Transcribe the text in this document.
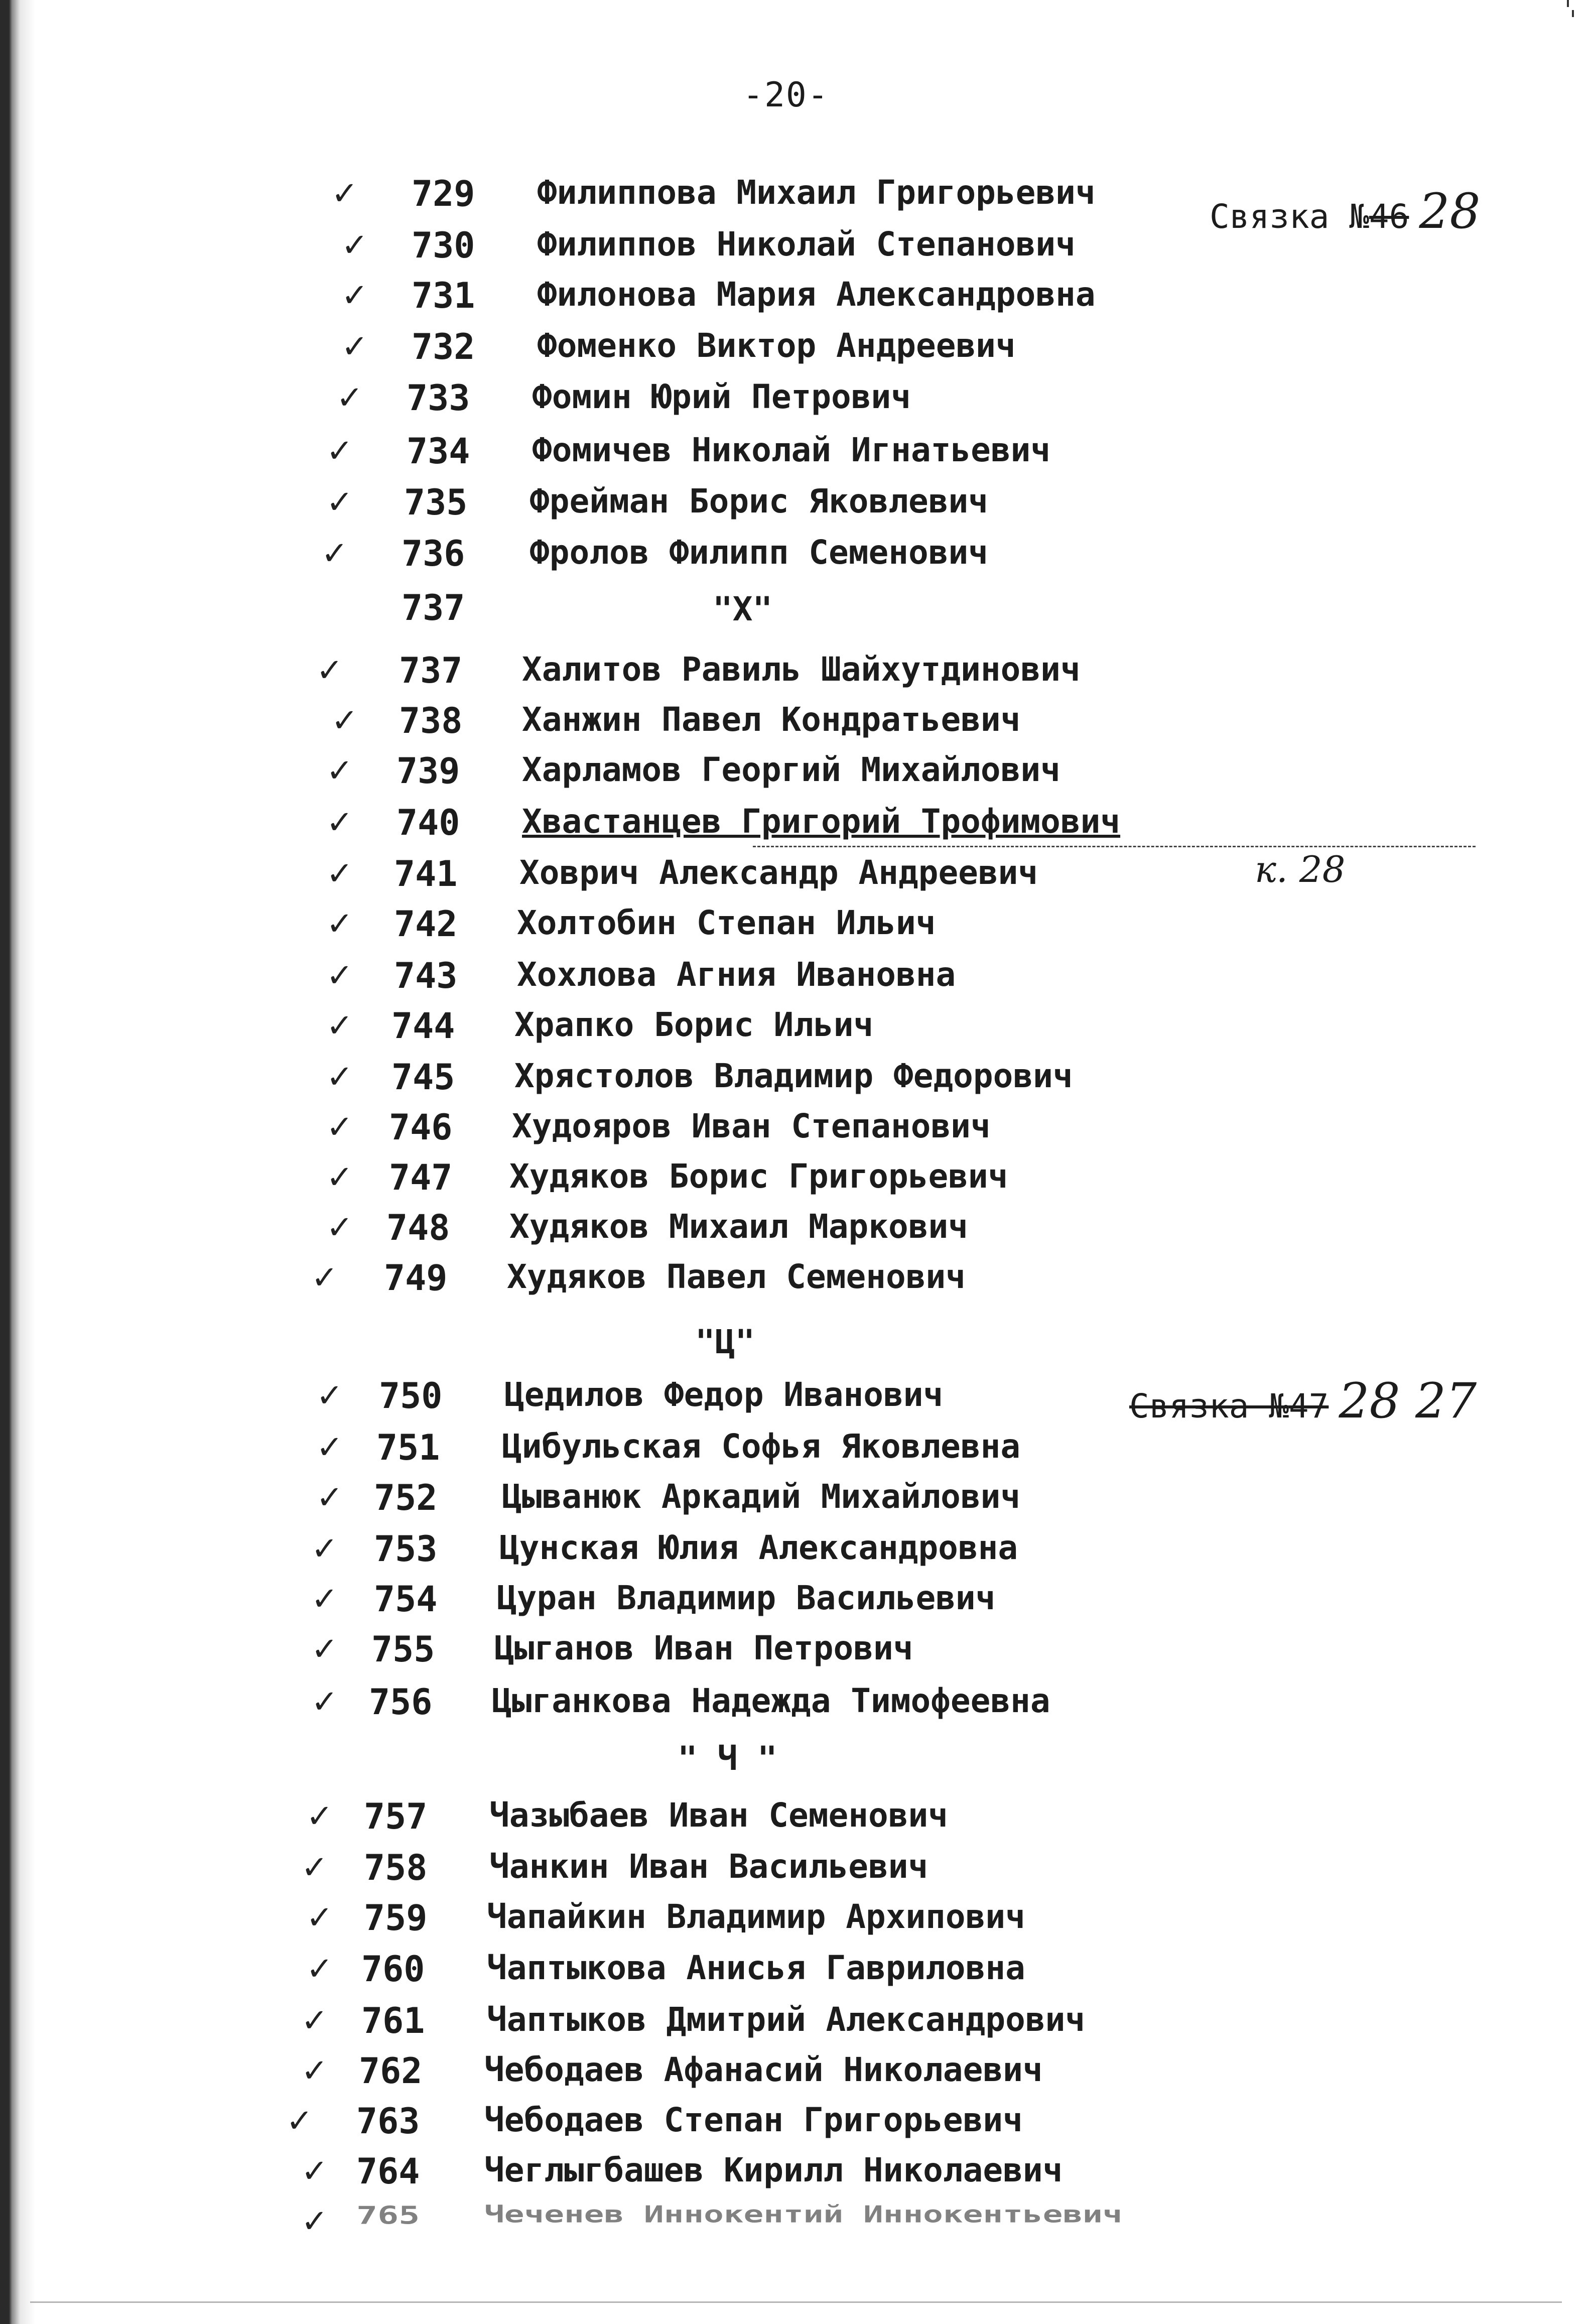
-20-
Связка №46 28
к. 28
Связка №47 28 27
737	"Х"
"Ц"
" Ч "
✓ 729 Филиппова Михаил Григорьевич
✓ 730 Филиппов Николай Степанович
✓ 731 Филонова Мария Александровна
✓ 732 Фоменко Виктор Андреевич
✓ 733 Фомин Юрий Петрович
✓ 734 Фомичев Николай Игнатьевич
✓ 735 Фрейман Борис Яковлевич
✓ 736 Фролов Филипп Семенович
✓ 737 Халитов Равиль Шайхутдинович
✓ 738 Ханжин Павел Кондратьевич
✓ 739 Харламов Георгий Михайлович
✓ 740 Хвастанцев Григорий Трофимович
✓ 741 Ховрич Александр Андреевич
✓ 742 Холтобин Степан Ильич
✓ 743 Хохлова Агния Ивановна
✓ 744 Храпко Борис Ильич
✓ 745 Хрястолов Владимир Федорович
✓ 746 Худояров Иван Степанович
✓ 747 Худяков Борис Григорьевич
✓ 748 Худяков Михаил Маркович
✓ 749 Худяков Павел Семенович
✓ 750 Цедилов Федор Иванович
✓ 751 Цибульская Софья Яковлевна
✓ 752 Цыванюк Аркадий Михайлович
✓ 753 Цунская Юлия Александровна
✓ 754 Цуран Владимир Васильевич
✓ 755 Цыганов Иван Петрович
✓ 756 Цыганкова Надежда Тимофеевна
✓ 757 Чазыбаев Иван Семенович
✓ 758 Чанкин Иван Васильевич
✓ 759 Чапайкин Владимир Архипович
✓ 760 Чаптыкова Анисья Гавриловна
✓ 761 Чаптыков Дмитрий Александрович
✓ 762 Чебодаев Афанасий Николаевич
✓ 763 Чебодаев Степан Григорьевич
✓ 764 Чеглыгбашев Кирилл Николаевич
✓ 765 Чеченев Иннокентий Иннокентьевич
